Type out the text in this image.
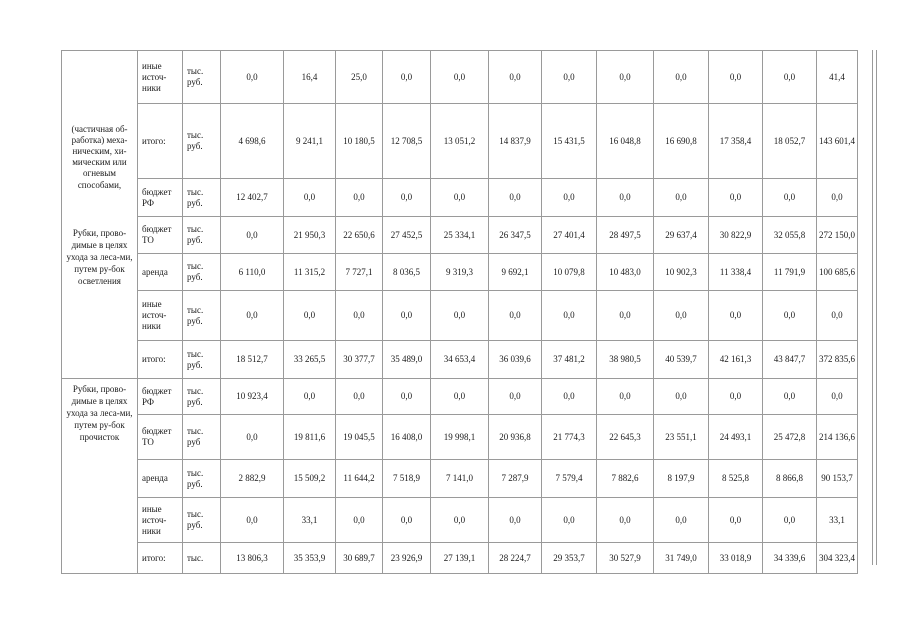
(частичная об-работка) меха-ническим, хи-мическим или огневым	иные источ-ники	тыс. руб.	0,0	16,4	25,0	0,0	0,0	0,0	0,0	0,0	0,0	0,0	0,0	41,4
	итого:	тыс. руб.	4 698,6	9 241,1	10 180,5	12 708,5	13 051,2	14 837,9	15 431,5	16 048,8	16 690,8	17 358,4	18 052,7	143 601,4
способами,
Рубки, прово-димые в целях ухода за леса-ми, путем ру-бок осветления	бюджет РФ	тыс. руб.	12 402,7	0,0	0,0	0,0	0,0	0,0	0,0	0,0	0,0	0,0	0,0	0,0
	бюджет ТО	тыс. руб.	0,0	21 950,3	22 650,6	27 452,5	25 334,1	26 347,5	27 401,4	28 497,5	29 637,4	30 822,9	32 055,8	272 150,0
	аренда	тыс. руб.	6 110,0	11 315,2	7 727,1	8 036,5	9 319,3	9 692,1	10 079,8	10 483,0	10 902,3	11 338,4	11 791,9	100 685,6
	иные источ-ники	тыс. руб.	0,0	0,0	0,0	0,0	0,0	0,0	0,0	0,0	0,0	0,0	0,0	0,0
	итого:	тыс. руб.	18 512,7	33 265,5	30 377,7	35 489,0	34 653,4	36 039,6	37 481,2	38 980,5	40 539,7	42 161,3	43 847,7	372 835,6
Рубки, прово-димые в целях ухода за леса-ми, путем ру-бок прочисток	бюджет РФ	тыс. руб.	10 923,4	0,0	0,0	0,0	0,0	0,0	0,0	0,0	0,0	0,0	0,0	0,0
	бюджет ТО	тыс. руб	0,0	19 811,6	19 045,5	16 408,0	19 998,1	20 936,8	21 774,3	22 645,3	23 551,1	24 493,1	25 472,8	214 136,6
	аренда	тыс. руб.	2 882,9	15 509,2	11 644,2	7 518,9	7 141,0	7 287,9	7 579,4	7 882,6	8 197,9	8 525,8	8 866,8	90 153,7
	иные источ-ники	тыс. руб.	0,0	33,1	0,0	0,0	0,0	0,0	0,0	0,0	0,0	0,0	0,0	33,1
	итого:	тыс.	13 806,3	35 353,9	30 689,7	23 926,9	27 139,1	28 224,7	29 353,7	30 527,9	31 749,0	33 018,9	34 339,6	304 323,4
